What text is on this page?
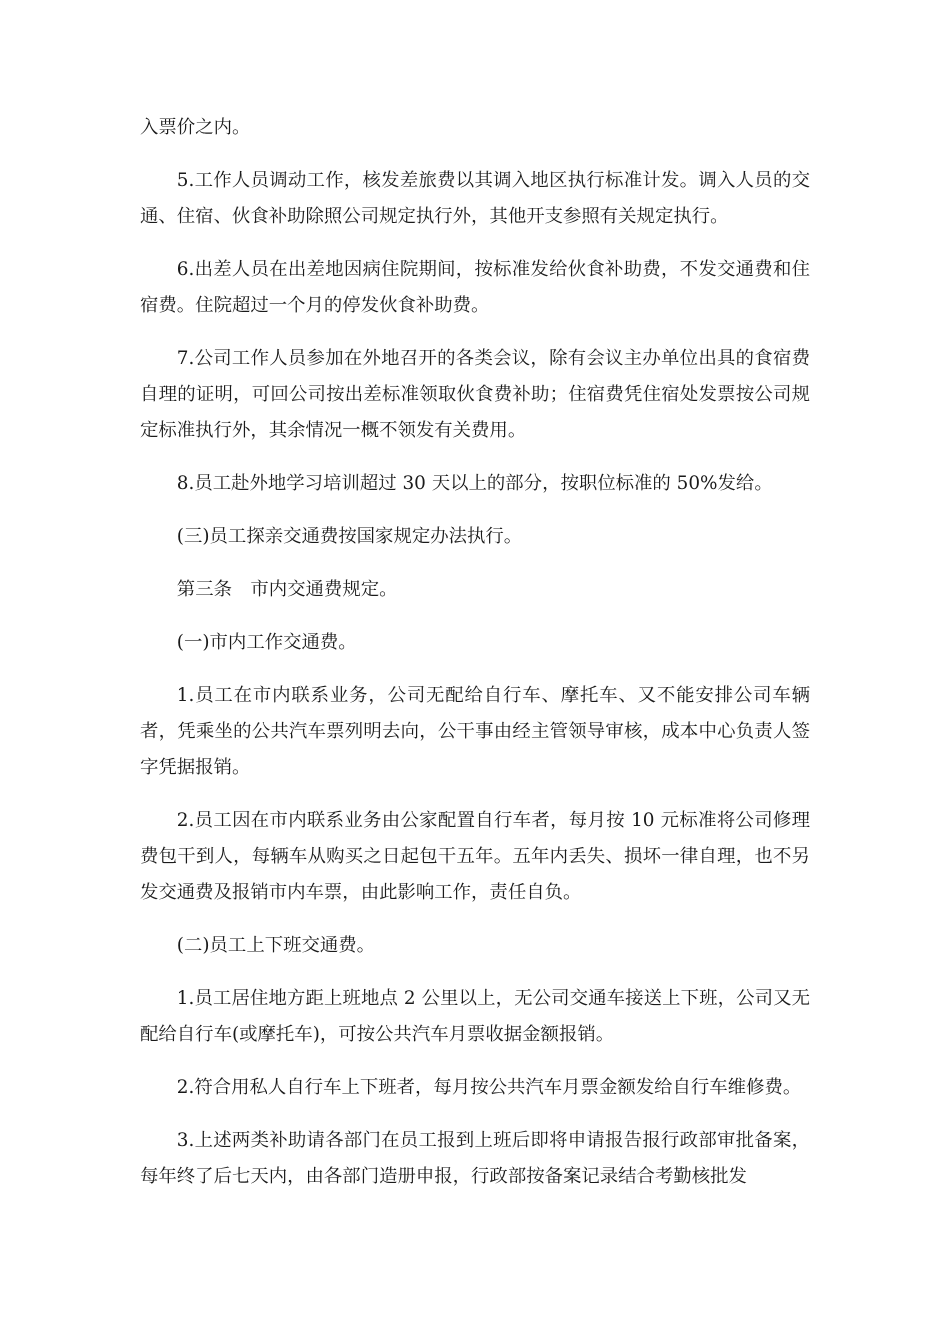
入票价之内。

5.工作人员调动工作，核发差旅费以其调入地区执行标准计发。调入人员的交通、住宿、伙食补助除照公司规定执行外，其他开支参照有关规定执行。

6.出差人员在出差地因病住院期间，按标准发给伙食补助费，不发交通费和住宿费。住院超过一个月的停发伙食补助费。

7.公司工作人员参加在外地召开的各类会议，除有会议主办单位出具的食宿费自理的证明，可回公司按出差标准领取伙食费补助；住宿费凭住宿处发票按公司规定标准执行外，其余情况一概不领发有关费用。

8.员工赴外地学习培训超过 30 天以上的部分，按职位标准的 50%发给。

(三)员工探亲交通费按国家规定办法执行。

第三条　市内交通费规定。

(一)市内工作交通费。

1.员工在市内联系业务，公司无配给自行车、摩托车、又不能安排公司车辆者，凭乘坐的公共汽车票列明去向，公干事由经主管领导审核，成本中心负责人签字凭据报销。

2.员工因在市内联系业务由公家配置自行车者，每月按 10 元标准将公司修理费包干到人，每辆车从购买之日起包干五年。五年内丢失、损坏一律自理，也不另发交通费及报销市内车票，由此影响工作，责任自负。

(二)员工上下班交通费。

1.员工居住地方距上班地点 2 公里以上，无公司交通车接送上下班，公司又无配给自行车(或摩托车)，可按公共汽车月票收据金额报销。

2.符合用私人自行车上下班者，每月按公共汽车月票金额发给自行车维修费。

3.上述两类补助请各部门在员工报到上班后即将申请报告报行政部审批备案，每年终了后七天内，由各部门造册申报，行政部按备案记录结合考勤核批发
